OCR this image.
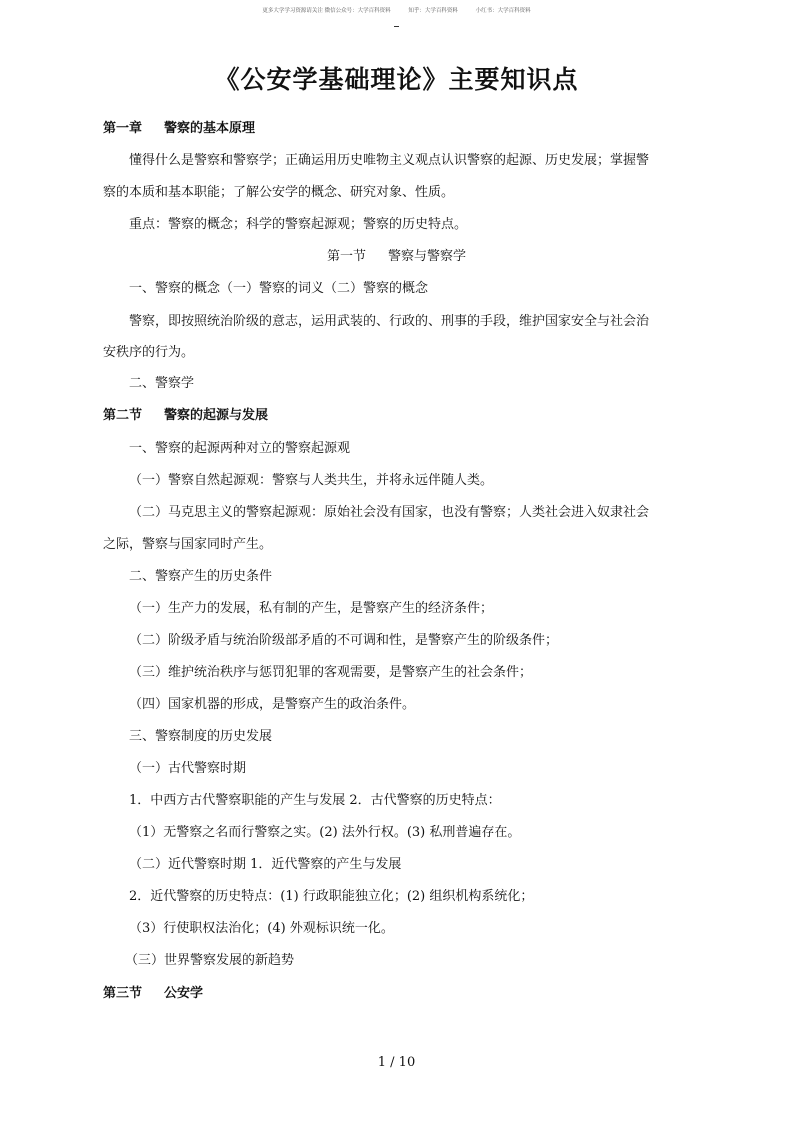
更多大学学习资源请关注 微信公众号：大学百科资料	知乎：大学百科资料	小红书：大学百科资料
《公安学基础理论》主要知识点
第一章 警察的基本原理
懂得什么是警察和警察学；正确运用历史唯物主义观点认识警察的起源、历史发展；掌握警
察的本质和基本职能；了解公安学的概念、研究对象、性质。
重点：警察的概念；科学的警察起源观；警察的历史特点。
第一节 警察与警察学
一、警察的概念（一）警察的词义（二）警察的概念
警察，即按照统治阶级的意志，运用武装的、行政的、刑事的手段，维护国家安全与社会治
安秩序的行为。
二、警察学
第二节 警察的起源与发展
一、警察的起源两种对立的警察起源观
（一）警察自然起源观：警察与人类共生，并将永远伴随人类。
（二）马克思主义的警察起源观：原始社会没有国家，也没有警察；人类社会进入奴隶社会
之际，警察与国家同时产生。
二、警察产生的历史条件
（一）生产力的发展，私有制的产生，是警察产生的经济条件；
（二）阶级矛盾与统治阶级部矛盾的不可调和性，是警察产生的阶级条件；
（三）维护统治秩序与惩罚犯罪的客观需要，是警察产生的社会条件；
（四）国家机器的形成，是警察产生的政治条件。
三、警察制度的历史发展
（一）古代警察时期
1．中西方古代警察职能的产生与发展 2．古代警察的历史特点：
（1）无警察之名而行警察之实。(2) 法外行权。(3) 私刑普遍存在。
（二）近代警察时期 1．近代警察的产生与发展
2．近代警察的历史特点：(1) 行政职能独立化；(2) 组织机构系统化；
（3）行使职权法治化；(4) 外观标识统一化。
（三）世界警察发展的新趋势
第三节 公安学
1 / 10
